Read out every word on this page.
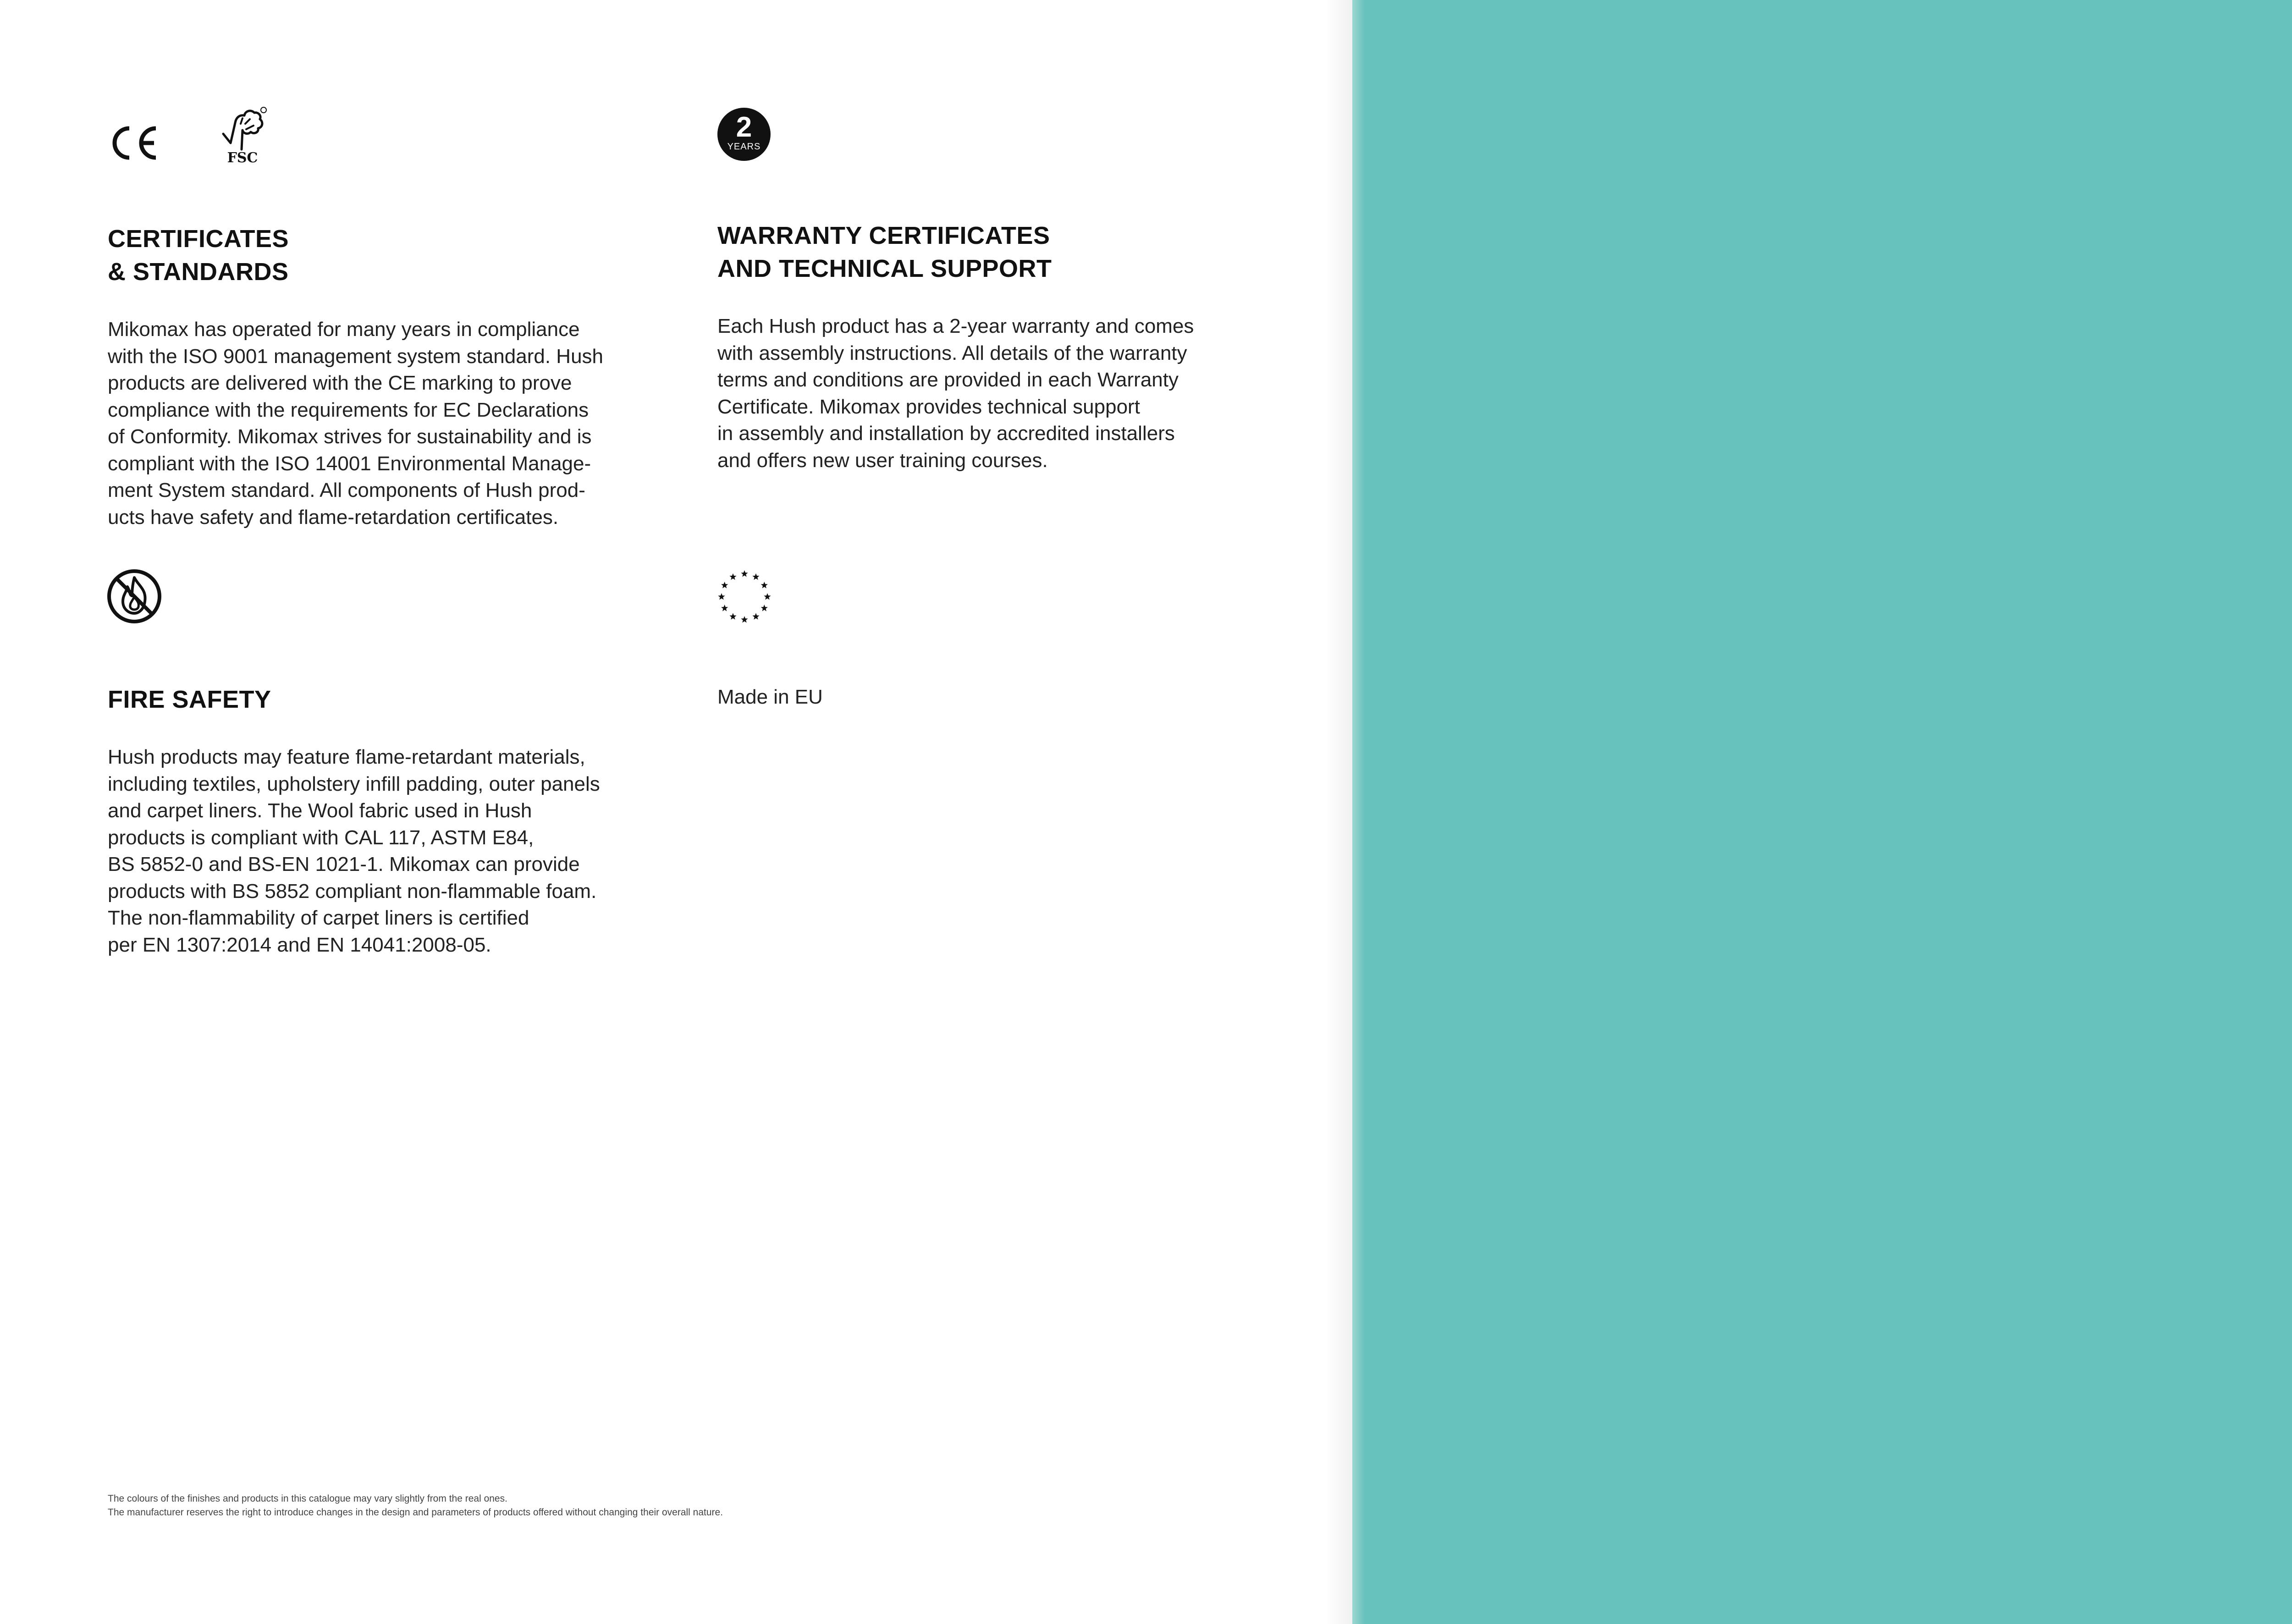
FSC
2
YEARS
CERTIFICATES
& STANDARDS

Mikomax has operated for many years in compliance
with the ISO 9001 management system standard. Hush
products are delivered with the CE marking to prove
compliance with the requirements for EC Declarations
of Conformity. Mikomax strives for sustainability and is
compliant with the ISO 14001 Environmental Manage-
ment System standard. All components of Hush prod-
ucts have safety and flame-retardation certificates.

WARRANTY CERTIFICATES
AND TECHNICAL SUPPORT

Each Hush product has a 2-year warranty and comes
with assembly instructions. All details of the warranty
terms and conditions are provided in each Warranty
Certificate. Mikomax provides technical support
in assembly and installation by accredited installers
and offers new user training courses.

FIRE SAFETY

Hush products may feature flame-retardant materials,
including textiles, upholstery infill padding, outer panels
and carpet liners. The Wool fabric used in Hush
products is compliant with CAL 117, ASTM E84,
BS 5852-0 and BS-EN 1021-1. Mikomax can provide
products with BS 5852 compliant non-flammable foam.
The non-flammability of carpet liners is certified
per EN 1307:2014 and EN 14041:2008-05.

Made in EU

The colours of the finishes and products in this catalogue may vary slightly from the real ones.
The manufacturer reserves the right to introduce changes in the design and parameters of products offered without changing their overall nature.
